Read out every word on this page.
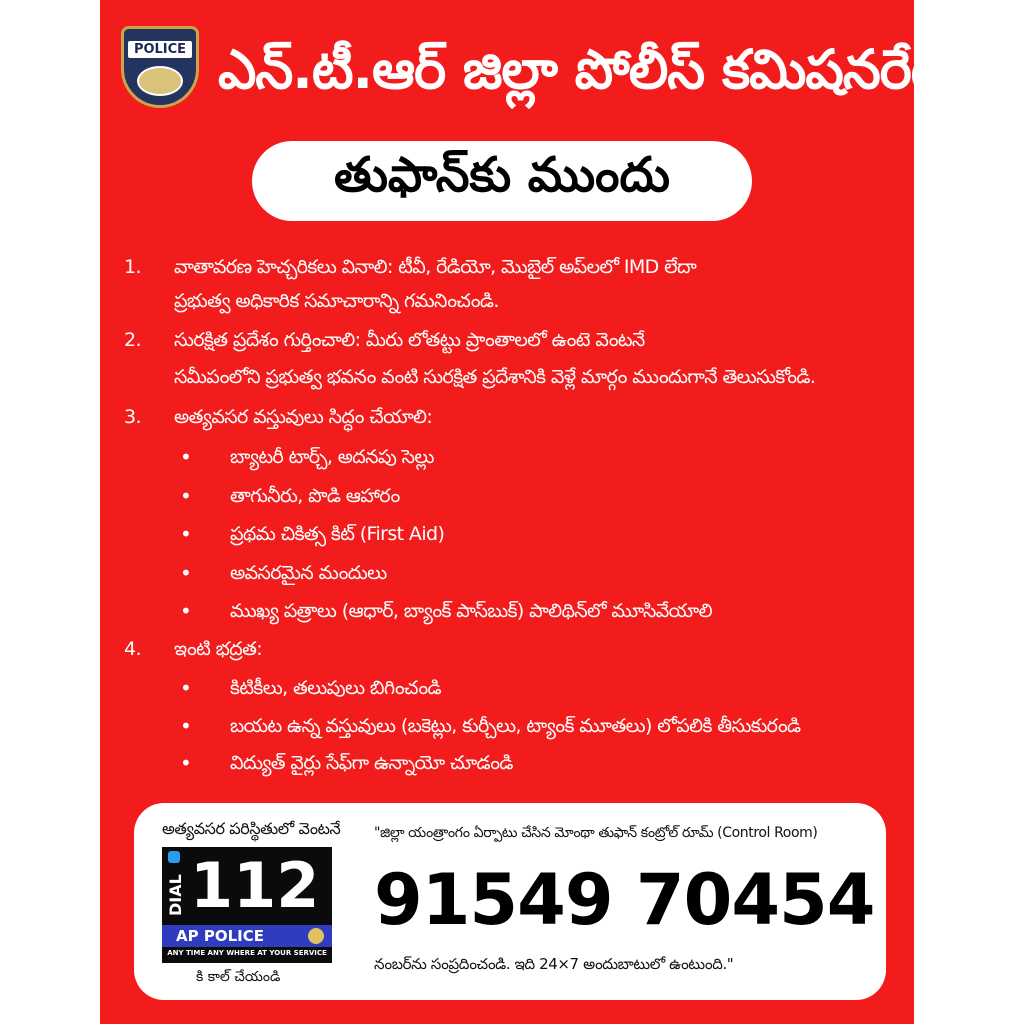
POLICE ఎన్.టీ.ఆర్ జిల్లా పోలీస్ కమిషనరేట్
తుఫాన్‌కు ముందు
1. వాతావరణ హెచ్చరికలు వినాలి: టీవీ, రేడియో, మొబైల్ అప్‌లలో IMD లేదా
ప్రభుత్వ అధికారిక సమాచారాన్ని గమనించండి.
2. సురక్షిత ప్రదేశం గుర్తించాలి: మీరు లోతట్టు ప్రాంతాలలో ఉంటె వెంటనే
సమీపంలోని ప్రభుత్వ భవనం వంటి సురక్షిత ప్రదేశానికి వెళ్లే మార్గం ముందుగానే తెలుసుకోండి.
3. అత్యవసర వస్తువులు సిద్ధం చేయాలి:
• బ్యాటరీ టార్చ్, అదనపు సెల్లు
• తాగునీరు, పొడి ఆహారం
• ప్రథమ చికిత్స కిట్ (First Aid)
• అవసరమైన మందులు
• ముఖ్య పత్రాలు (ఆధార్, బ్యాంక్ పాస్‌బుక్) పాలిథిన్‌లో మూసివేయాలి
4. ఇంటి భద్రత:
• కిటికీలు, తలుపులు బిగించండి
• బయట ఉన్న వస్తువులు (బకెట్లు, కుర్చీలు, ట్యాంక్ మూతలు) లోపలికి తీసుకురండి
• విద్యుత్ వైర్లు సేఫ్‌గా ఉన్నాయో చూడండి
అత్యవసర పరిస్థితులో వెంటనే
DIAL 112
AP POLICE
ANY TIME ANY WHERE AT YOUR SERVICE
కి కాల్ చేయండి
"జిల్లా యంత్రాంగం ఏర్పాటు చేసిన మోంథా తుఫాన్ కంట్రోల్ రూమ్ (Control Room)
91549 70454
నంబర్‌ను సంప్రదించండి. ఇది 24×7 అందుబాటులో ఉంటుంది."
